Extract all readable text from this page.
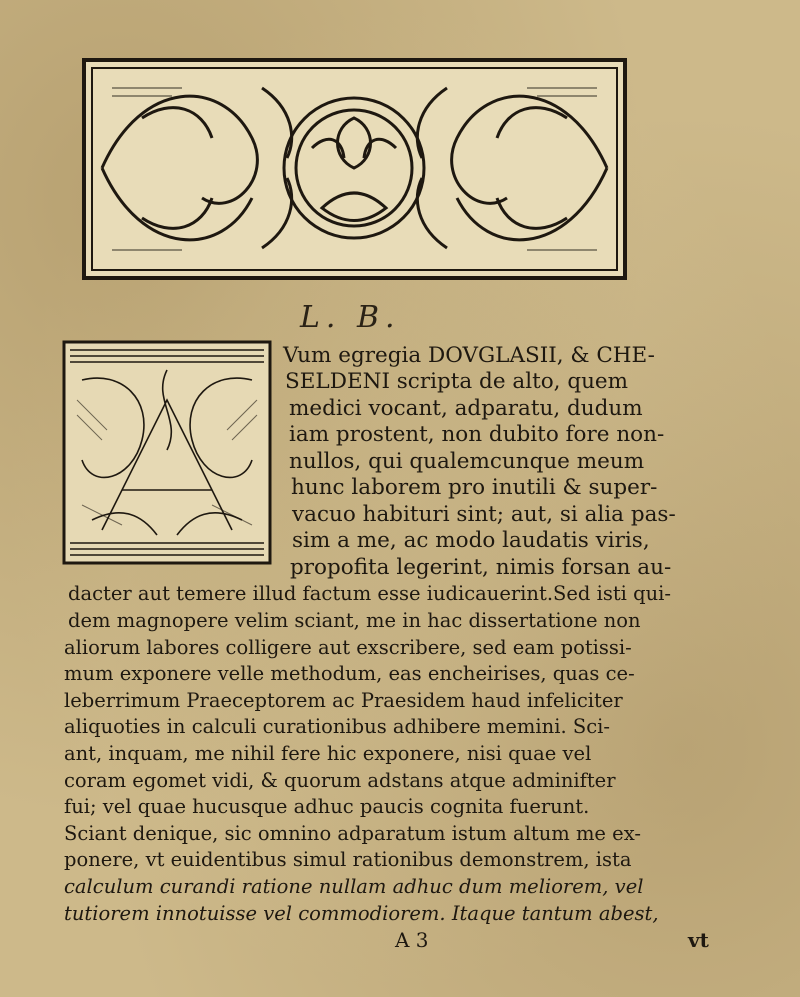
L. B.
Vum egregia DOVGLASII, & CHE-
SELDENI scripta de alto, quem
medici vocant, adparatu, dudum
iam prostent, non dubito fore non-
nullos, qui qualemcunque meum
hunc laborem pro inutili & super-
vacuo habituri sint; aut, si alia pas-
sim a me, ac modo laudatis viris,
propofita legerint, nimis forsan au-
dacter aut temere illud factum esse iudicauerint.Sed isti qui-
dem magnopere velim sciant, me in hac dissertatione non
aliorum labores colligere aut exscribere, sed eam potissi-
mum exponere velle methodum, eas encheirises, quas ce-
leberrimum Praeceptorem ac Praesidem haud infeliciter
aliquoties in calculi curationibus adhibere memini. Sci-
ant, inquam, me nihil fere hic exponere, nisi quae vel
coram egomet vidi, & quorum adstans atque adminifter
fui; vel quae hucusque adhuc paucis cognita fuerunt.
Sciant denique, sic omnino adparatum istum altum me ex-
ponere, vt euidentibus simul rationibus demonstrem, ista
calculum curandi ratione nullam adhuc dum meliorem, vel
tutiorem innotuisse vel commodiorem. Itaque tantum abest,
A 3	vt
